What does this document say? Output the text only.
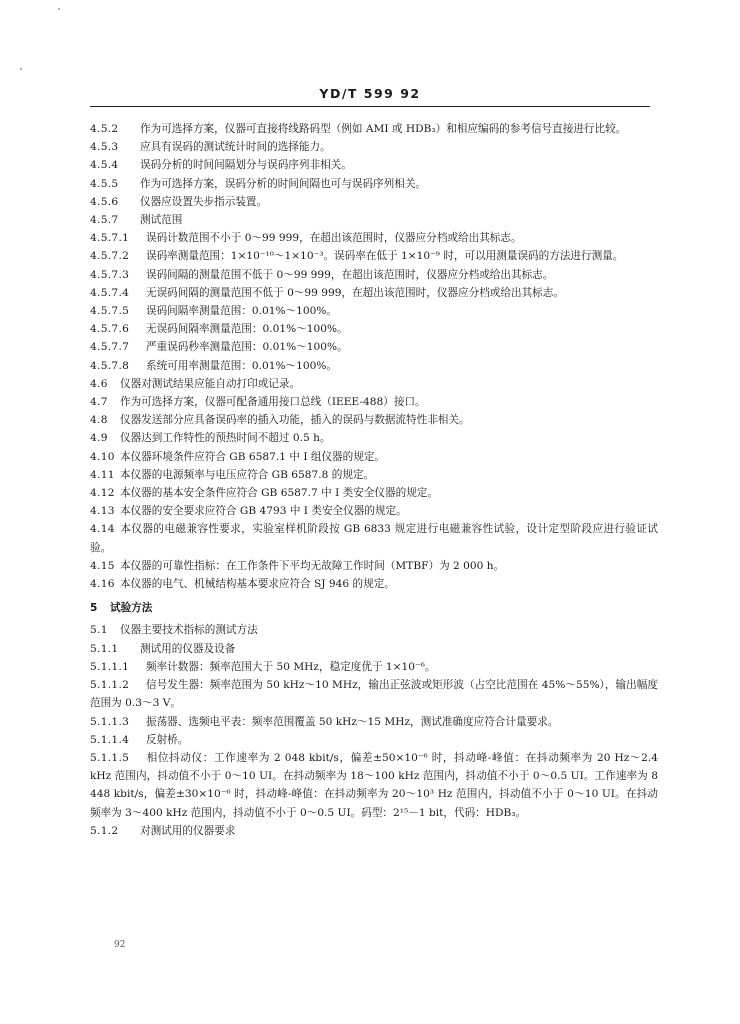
YD/T 599 92

4.5.2 作为可选择方案，仪器可直接将线路码型（例如 AMI 或 HDB₃）和相应编码的参考信号直接进行比较。

4.5.3 应具有误码的测试统计时间的选择能力。

4.5.4 误码分析的时间间隔划分与误码序列非相关。

4.5.5 作为可选择方案，误码分析的时间间隔也可与误码序列相关。

4.5.6 仪器应设置失步指示装置。

4.5.7 测试范围

4.5.7.1 误码计数范围不小于 0～99 999，在超出该范围时，仪器应分档或给出其标志。

4.5.7.2 误码率测量范围：1×10⁻¹⁰～1×10⁻³。误码率在低于 1×10⁻⁹ 时，可以用测量误码的方法进行测量。

4.5.7.3 误码间隔的测量范围不低于 0～99 999，在超出该范围时，仪器应分档或给出其标志。

4.5.7.4 无误码间隔的测量范围不低于 0～99 999，在超出该范围时，仪器应分档或给出其标志。

4.5.7.5 误码间隔率测量范围：0.01%～100%。

4.5.7.6 无误码间隔率测量范围：0.01%～100%。

4.5.7.7 严重误码秒率测量范围：0.01%～100%。

4.5.7.8 系统可用率测量范围：0.01%～100%。

4.6 仪器对测试结果应能自动打印或记录。

4.7 作为可选择方案，仪器可配备通用接口总线（IEEE-488）接口。

4.8 仪器发送部分应具备误码率的插入功能，插入的误码与数据流特性非相关。

4.9 仪器达到工作特性的预热时间不超过 0.5 h。

4.10 本仪器环境条件应符合 GB 6587.1 中 Ⅰ 组仪器的规定。

4.11 本仪器的电源频率与电压应符合 GB 6587.8 的规定。

4.12 本仪器的基本安全条件应符合 GB 6587.7 中 Ⅰ 类安全仪器的规定。

4.13 本仪器的安全要求应符合 GB 4793 中 Ⅰ 类安全仪器的规定。

4.14 本仪器的电磁兼容性要求，实验室样机阶段按 GB 6833 规定进行电磁兼容性试验，设计定型阶段应进行验证试验。

4.15 本仪器的可靠性指标：在工作条件下平均无故障工作时间（MTBF）为 2 000 h。

4.16 本仪器的电气、机械结构基本要求应符合 SJ 946 的规定。

5 试验方法

5.1 仪器主要技术指标的测试方法

5.1.1 测试用的仪器及设备

5.1.1.1 频率计数器：频率范围大于 50 MHz，稳定度优于 1×10⁻⁶。

5.1.1.2 信号发生器：频率范围为 50 kHz～10 MHz，输出正弦波或矩形波（占空比范围在 45%～55%），输出幅度范围为 0.3～3 V。

5.1.1.3 振荡器、选频电平表：频率范围覆盖 50 kHz～15 MHz，测试准确度应符合计量要求。

5.1.1.4 反射桥。

5.1.1.5 相位抖动仪：工作速率为 2 048 kbit/s，偏差±50×10⁻⁶ 时，抖动峰-峰值：在抖动频率为 20 Hz～2.4 kHz 范围内，抖动值不小于 0～10 UI。在抖动频率为 18～100 kHz 范围内，抖动值不小于 0～0.5 UI。工作速率为 8 448 kbit/s，偏差±30×10⁻⁶ 时，抖动峰-峰值：在抖动频率为 20～10³ Hz 范围内，抖动值不小于 0～10 UI。在抖动频率为 3～400 kHz 范围内，抖动值不小于 0～0.5 UI。码型：2¹⁵－1 bit，代码：HDB₃。

5.1.2 对测试用的仪器要求

92
